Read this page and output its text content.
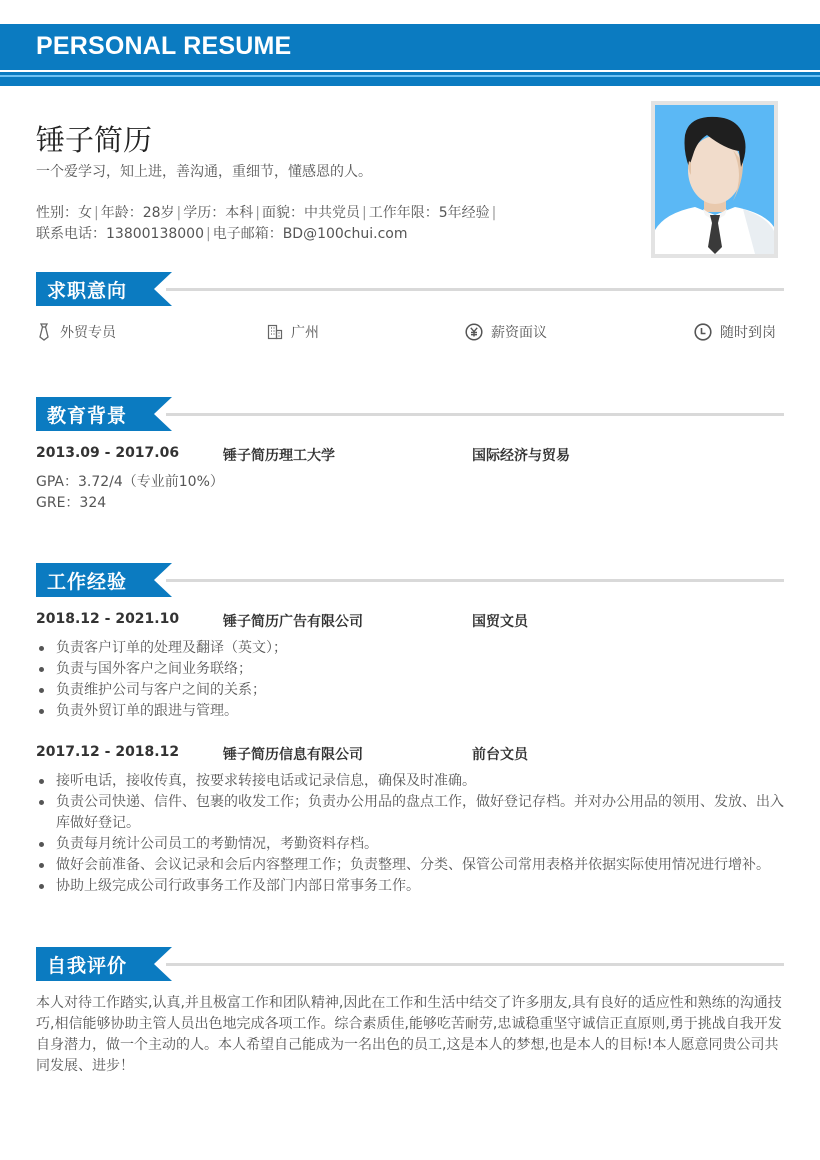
PERSONAL RESUME
锤子简历
一个爱学习，知上进，善沟通，重细节，懂感恩的人。
性别：女 | 年龄：28岁 | 学历：本科 | 面貌：中共党员 | 工作年限：5年经验 |
联系电话：13800138000 | 电子邮箱：BD@100chui.com
求职意向
外贸专员	广州	薪资面议	随时到岗
教育背景
2013.09 - 2017.06	锤子简历理工大学	国际经济与贸易
GPA：3.72/4（专业前10%）
GRE：324
工作经验
2018.12 - 2021.10	锤子简历广告有限公司	国贸文员
负责客户订单的处理及翻译（英文）；
负责与国外客户之间业务联络；
负责维护公司与客户之间的关系；
负责外贸订单的跟进与管理。
2017.12 - 2018.12	锤子简历信息有限公司	前台文员
接听电话，接收传真，按要求转接电话或记录信息，确保及时准确。
负责公司快递、信件、包裹的收发工作；负责办公用品的盘点工作，做好登记存档。并对办公用品的领用、发放、出入库做好登记。
负责每月统计公司员工的考勤情况，考勤资料存档。
做好会前准备、会议记录和会后内容整理工作；负责整理、分类、保管公司常用表格并依据实际使用情况进行增补。
协助上级完成公司行政事务工作及部门内部日常事务工作。
自我评价
本人对待工作踏实,认真,并且极富工作和团队精神,因此在工作和生活中结交了许多朋友,具有良好的适应性和熟练的沟通技巧,相信能够协助主管人员出色地完成各项工作。综合素质佳,能够吃苦耐劳,忠诚稳重坚守诚信正直原则,勇于挑战自我开发自身潜力，做一个主动的人。本人希望自己能成为一名出色的员工,这是本人的梦想,也是本人的目标!本人愿意同贵公司共同发展、进步！
